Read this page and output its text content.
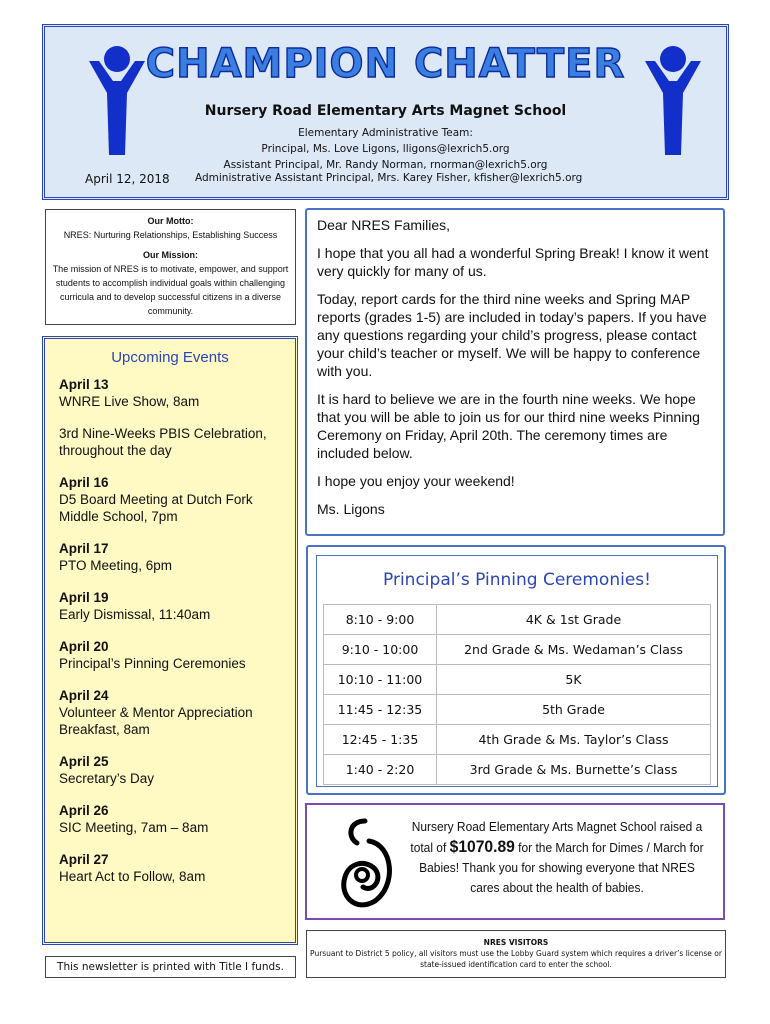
CHAMPION CHATTER
Nursery Road Elementary Arts Magnet School
Elementary Administrative Team:
Principal, Ms. Love Ligons, lligons@lexrich5.org
Assistant Principal, Mr. Randy Norman, rnorman@lexrich5.org
April 12, 2018 Administrative Assistant Principal, Mrs. Karey Fisher, kfisher@lexrich5.org
Our Motto:
NRES: Nurturing Relationships, Establishing Success
Our Mission:
The mission of NRES is to motivate, empower, and support students to accomplish individual goals within challenging curricula and to develop successful citizens in a diverse community.
Upcoming Events
April 13
WNRE Live Show, 8am
3rd Nine-Weeks PBIS Celebration, throughout the day
April 16
D5 Board Meeting at Dutch Fork Middle School, 7pm
April 17
PTO Meeting, 6pm
April 19
Early Dismissal, 11:40am
April 20
Principal’s Pinning Ceremonies
April 24
Volunteer & Mentor Appreciation Breakfast, 8am
April 25
Secretary’s Day
April 26
SIC Meeting, 7am – 8am
April 27
Heart Act to Follow, 8am
This newsletter is printed with Title I funds.

Dear NRES Families,

I hope that you all had a wonderful Spring Break! I know it went very quickly for many of us.

Today, report cards for the third nine weeks and Spring MAP reports (grades 1-5) are included in today’s papers. If you have any questions regarding your child’s progress, please contact your child’s teacher or myself. We will be happy to conference with you.

It is hard to believe we are in the fourth nine weeks. We hope that you will be able to join us for our third nine weeks Pinning Ceremony on Friday, April 20th. The ceremony times are included below.

I hope you enjoy your weekend!

Ms. Ligons

Principal’s Pinning Ceremonies!
8:10 - 9:00	4K & 1st Grade
9:10 - 10:00	2nd Grade & Ms. Wedaman’s Class
10:10 - 11:00	5K
11:45 - 12:35	5th Grade
12:45 - 1:35	4th Grade & Ms. Taylor’s Class
1:40 - 2:20	3rd Grade & Ms. Burnette’s Class
Nursery Road Elementary Arts Magnet School raised a total of $1070.89 for the March for Dimes / March for Babies! Thank you for showing everyone that NRES cares about the health of babies.
NRES VISITORS
Pursuant to District 5 policy, all visitors must use the Lobby Guard system which requires a driver’s license or state-issued identification card to enter the school.
